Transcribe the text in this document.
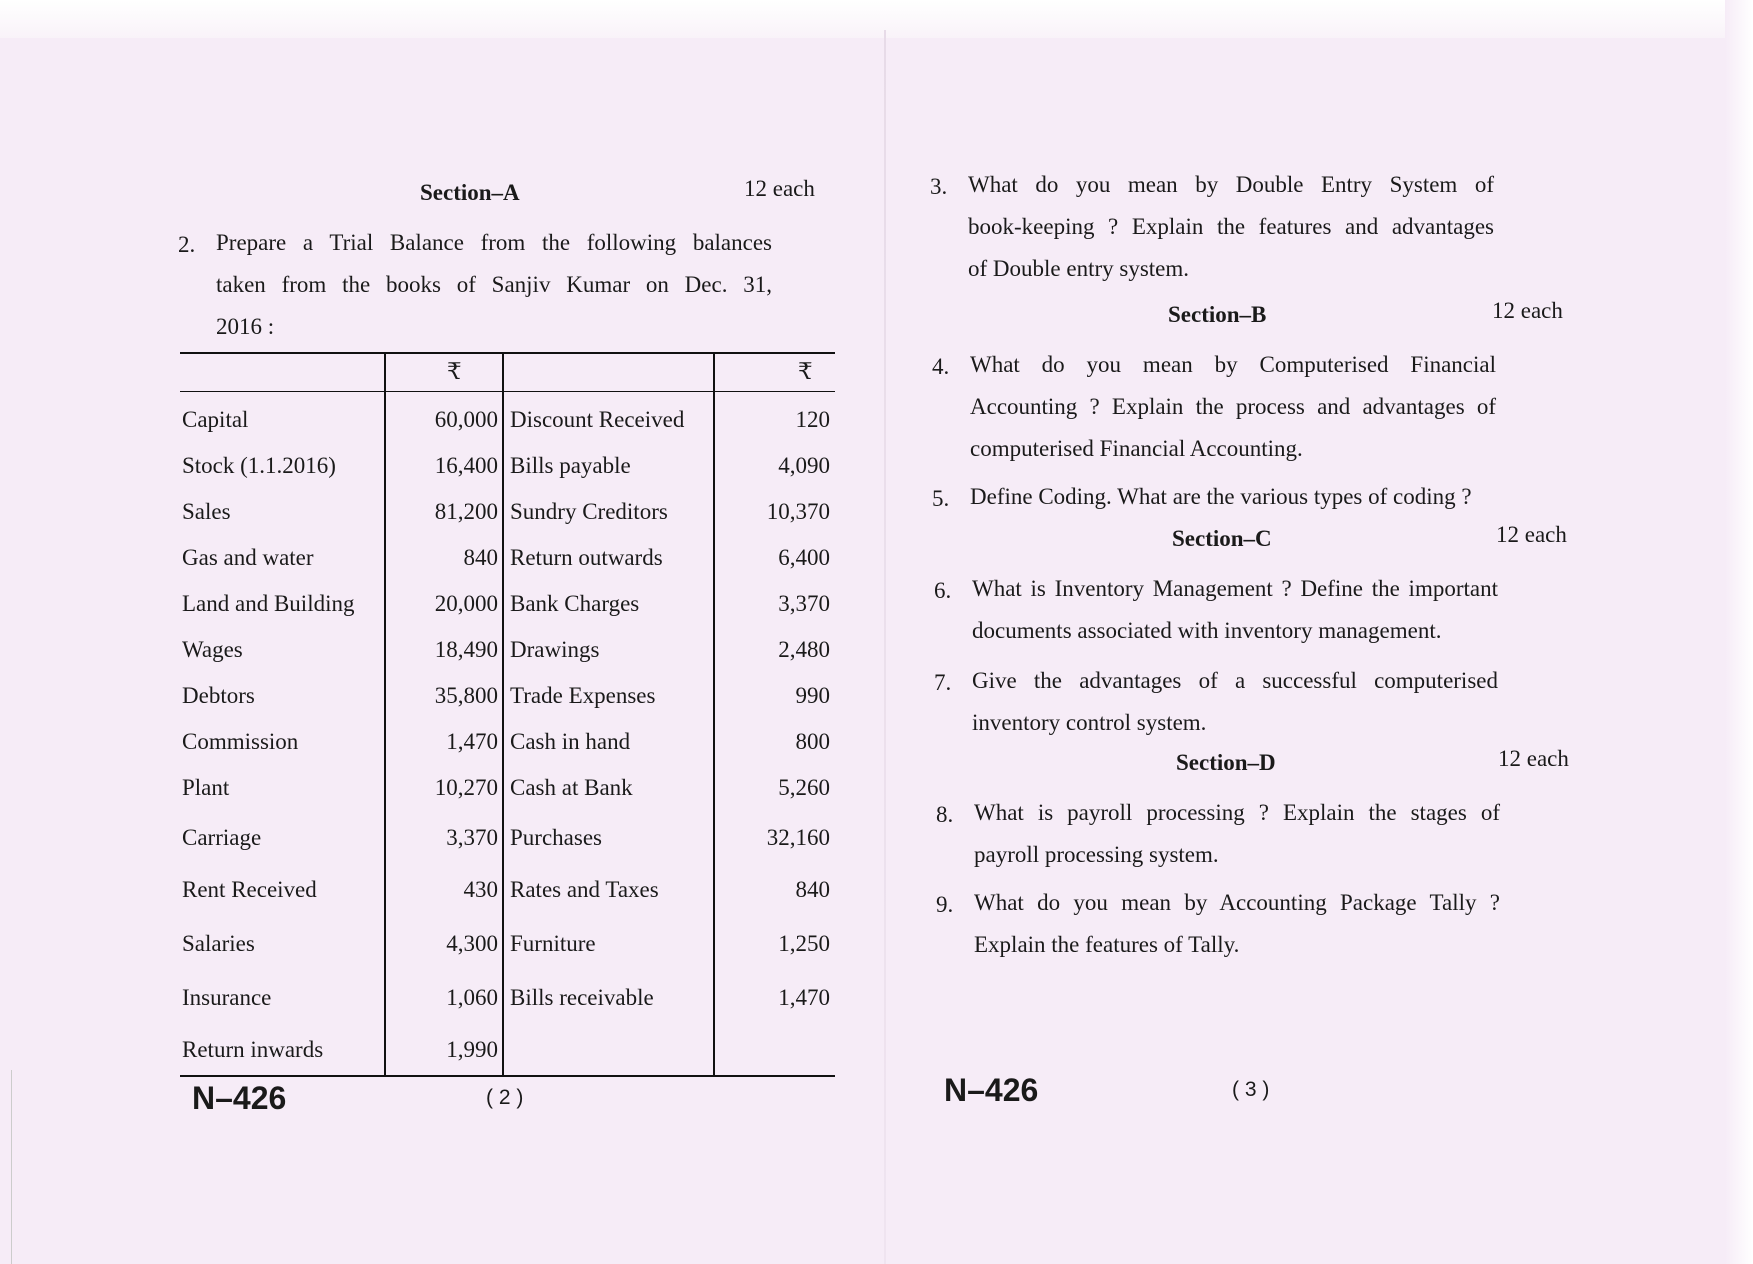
Section–A	12 each
2. Prepare a Trial Balance from the following balances
taken from the books of Sanjiv Kumar on Dec. 31,
2016 :
₹	₹
Capital	60,000 Discount Received	120
Stock (1.1.2016)	16,400 Bills payable	4,090
Sales	81,200 Sundry Creditors	10,370
Gas and water	840 Return outwards	6,400
Land and Building	20,000 Bank Charges	3,370
Wages	18,490 Drawings	2,480
Debtors	35,800 Trade Expenses	990
Commission	1,470 Cash in hand	800
Plant	10,270 Cash at Bank	5,260
Carriage	3,370 Purchases	32,160
Rent Received	430 Rates and Taxes	840
Salaries	4,300 Furniture	1,250
Insurance	1,060 Bills receivable	1,470
Return inwards	1,990
N–426	( 2 )
3. What do you mean by Double Entry System of
book-keeping ? Explain the features and advantages
of Double entry system.
Section–B	12 each
4. What do you mean by Computerised Financial
Accounting ? Explain the process and advantages of
computerised Financial Accounting.
5. Define Coding. What are the various types of coding ?
Section–C	12 each
6. What is Inventory Management ? Define the important
documents associated with inventory management.
7. Give the advantages of a successful computerised
inventory control system.
Section–D	12 each
8. What is payroll processing ? Explain the stages of
payroll processing system.
9. What do you mean by Accounting Package Tally ?
Explain the features of Tally.
N–426	( 3 )
